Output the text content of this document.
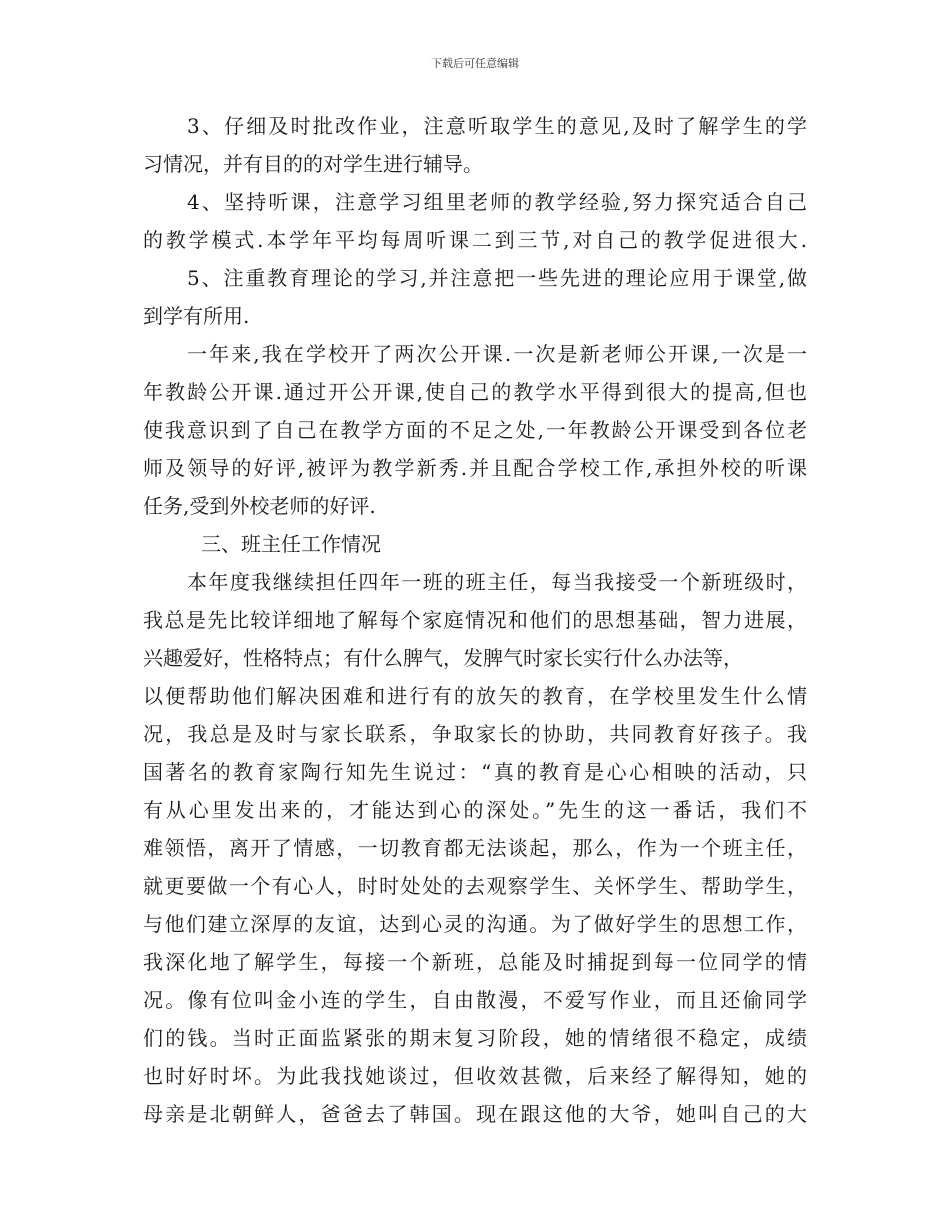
下载后可任意编辑
3、仔细及时批改作业，注意听取学生的意见,及时了解学生的学
习情况，并有目的的对学生进行辅导。
4、坚持听课，注意学习组里老师的教学经验,努力探究适合自己
的教学模式.本学年平均每周听课二到三节,对自己的教学促进很大.
5、注重教育理论的学习,并注意把一些先进的理论应用于课堂,做
到学有所用.
一年来,我在学校开了两次公开课.一次是新老师公开课,一次是一
年教龄公开课.通过开公开课,使自己的教学水平得到很大的提高,但也
使我意识到了自己在教学方面的不足之处,一年教龄公开课受到各位老
师及领导的好评,被评为教学新秀.并且配合学校工作,承担外校的听课
任务,受到外校老师的好评.
三、班主任工作情况
本年度我继续担任四年一班的班主任，每当我接受一个新班级时，
我总是先比较详细地了解每个家庭情况和他们的思想基础，智力进展，
兴趣爱好，性格特点；有什么脾气，发脾气时家长实行什么办法等，
以便帮助他们解决困难和进行有的放矢的教育，在学校里发生什么情
况，我总是及时与家长联系，争取家长的协助，共同教育好孩子。我
国著名的教育家陶行知先生说过：“真的教育是心心相映的活动，只
有从心里发出来的，才能达到心的深处。”先生的这一番话，我们不
难领悟，离开了情感，一切教育都无法谈起，那么，作为一个班主任，
就更要做一个有心人，时时处处的去观察学生、关怀学生、帮助学生，
与他们建立深厚的友谊，达到心灵的沟通。为了做好学生的思想工作，
我深化地了解学生，每接一个新班，总能及时捕捉到每一位同学的情
况。像有位叫金小连的学生，自由散漫，不爱写作业，而且还偷同学
们的钱。当时正面监紧张的期末复习阶段，她的情绪很不稳定，成绩
也时好时坏。为此我找她谈过，但收效甚微，后来经了解得知，她的
母亲是北朝鲜人，爸爸去了韩国。现在跟这他的大爷，她叫自己的大
